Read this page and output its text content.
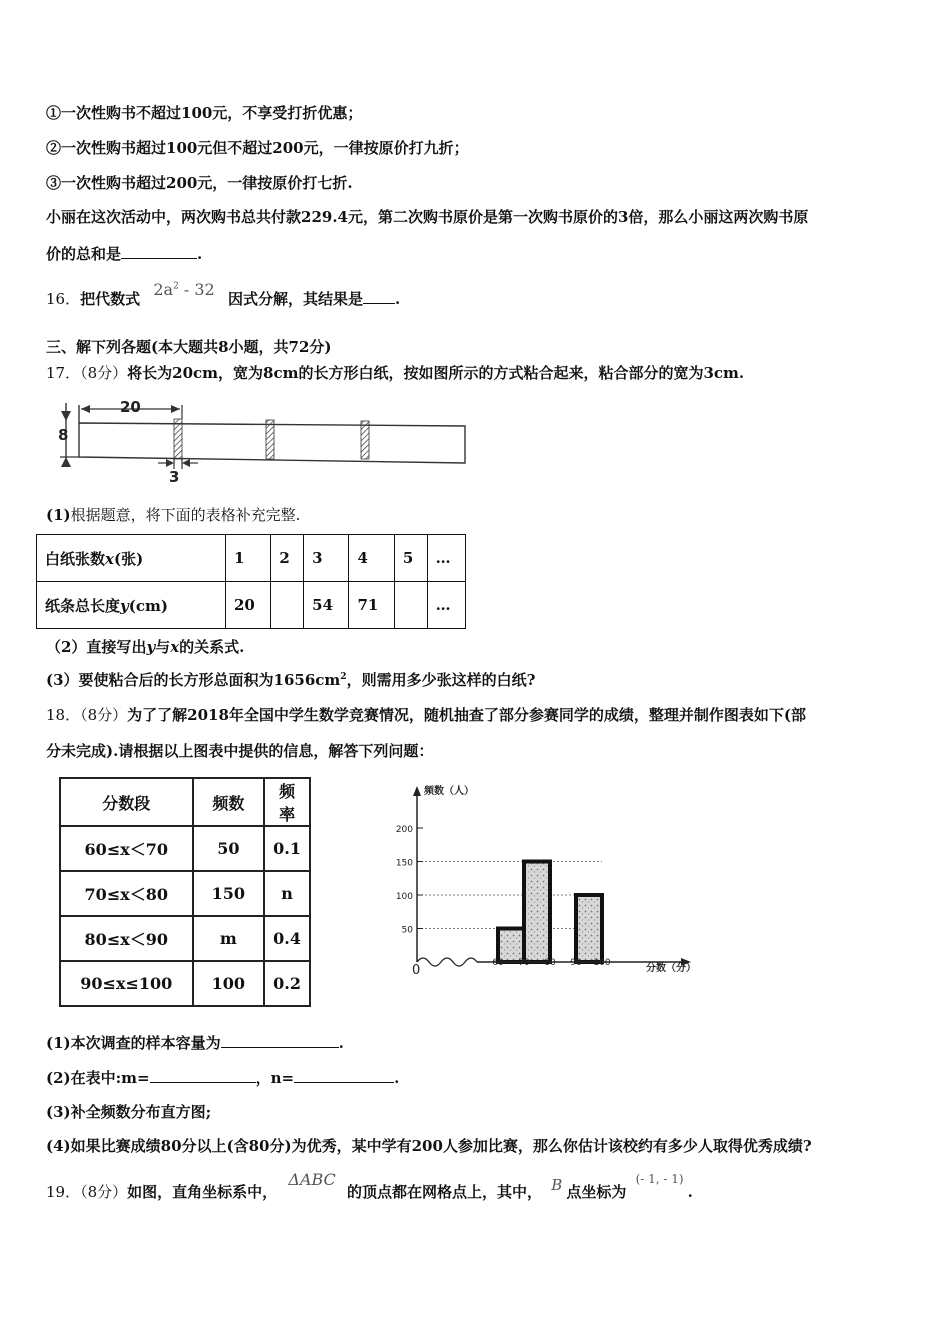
①一次性购书不超过100元，不享受打折优惠；
②一次性购书超过100元但不超过200元，一律按原价打九折；
③一次性购书超过200元，一律按原价打七折.
小丽在这次活动中，两次购书总共付款229.4元，第二次购书原价是第一次购书原价的3倍，那么小丽这两次购书原
价的总和是	.
16．把代数式 $2a^2 - 32$ 因式分解，其结果是 .
三、解下列各题(本大题共8小题，共72分)
17．（8分）将长为20cm，宽为8cm的长方形白纸，按如图所示的方式粘合起来，粘合部分的宽为3cm.
20
8
3
(1)根据题意，将下面的表格补充完整.
白纸张数x(张)	1	2	3	4	5	…
纸条总长度y(cm)	20		54	71		…
（2）直接写出y与x的关系式.
(3）要使粘合后的长方形总面积为$1656cm^2$，则需用多少张这样的白纸?
18．（8分）为了了解2018年全国中学生数学竞赛情况，随机抽查了部分参赛同学的成绩，整理并制作图表如下(部
分未完成).请根据以上图表中提供的信息，解答下列问题：
分数段	频数	频率
60≤x＜70	50	0.1
70≤x＜80	150	n
80≤x＜90	m	0.4
90≤x≤100	100	0.2
频数（人）
分数（分）
0
50
100
150
200
60 70 80 90 100
(1)本次调查的样本容量为	.
(2)在表中:m=	，n=	.
(3)补全频数分布直方图;
(4)如果比赛成绩80分以上(含80分)为优秀，某中学有200人参加比赛，那么你估计该校约有多少人取得优秀成绩?
19．（8分）如图，直角坐标系中， ΔABC 的顶点都在网格点上，其中， B 点坐标为 $^{(- 1, - 1)}$.
